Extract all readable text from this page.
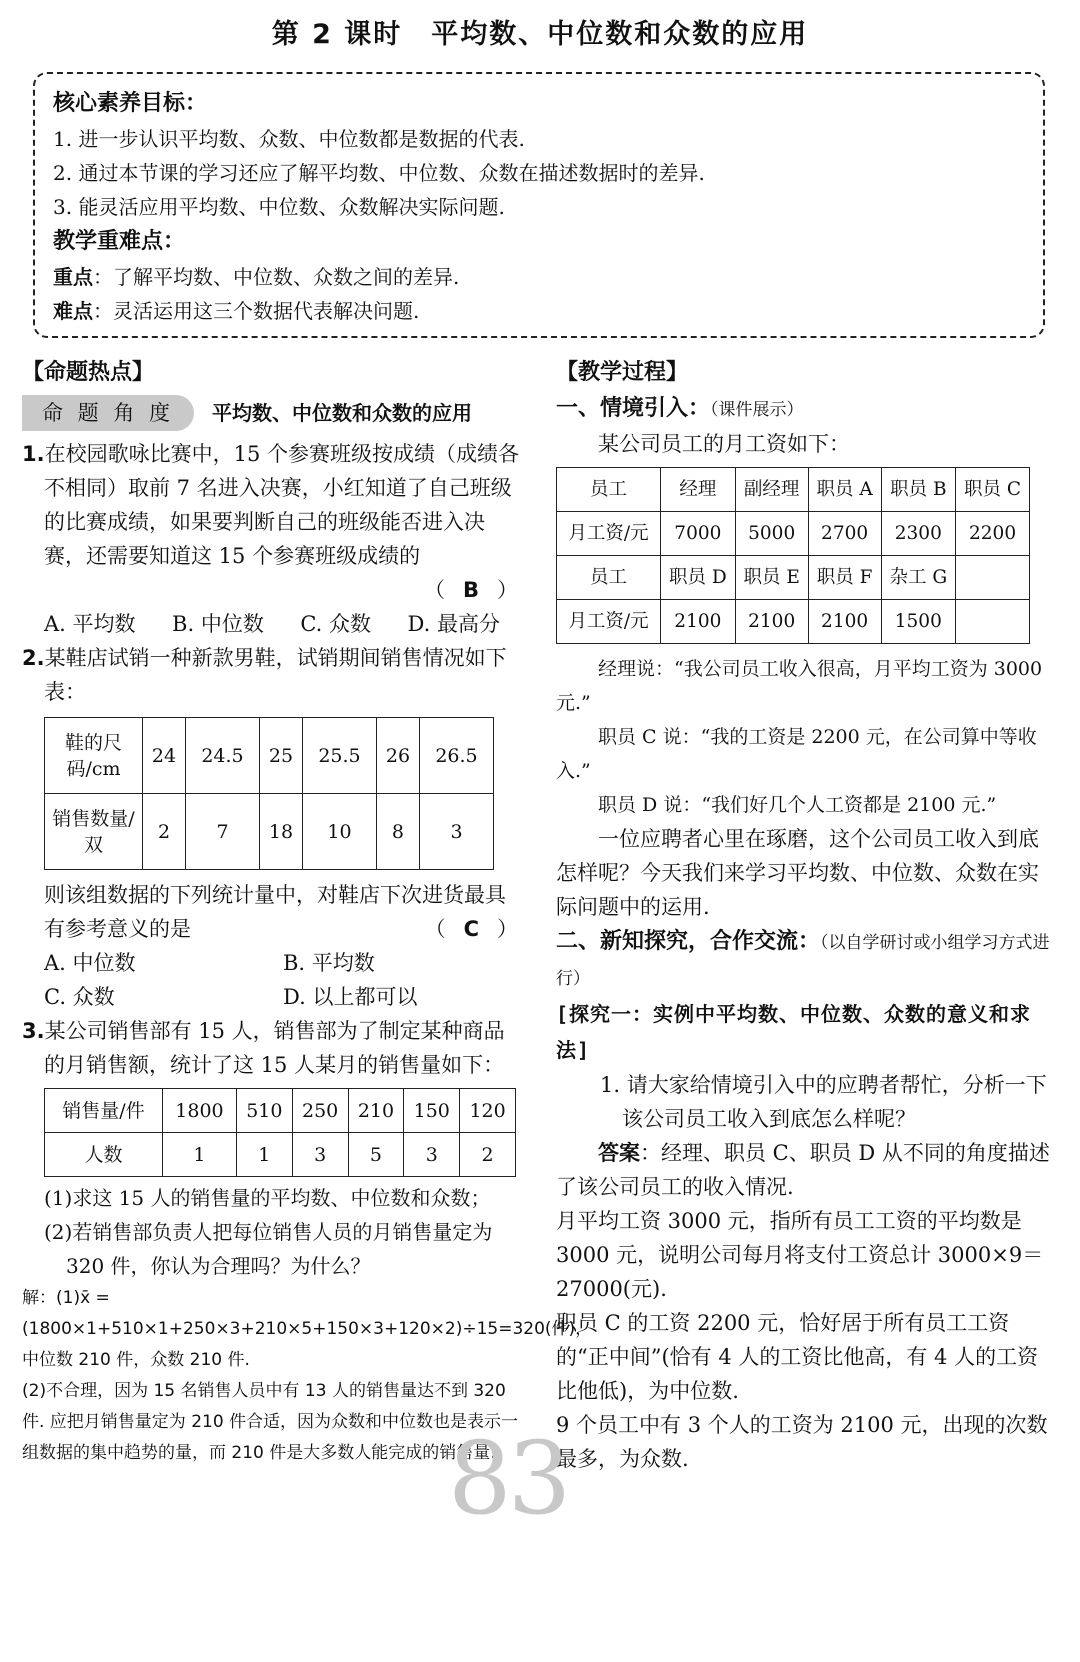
第 2 课时　平均数、中位数和众数的应用
核心素养目标：
1. 进一步认识平均数、众数、中位数都是数据的代表.
2. 通过本节课的学习还应了解平均数、中位数、众数在描述数据时的差异.
3. 能灵活应用平均数、中位数、众数解决实际问题.
教学重难点：
重点：了解平均数、中位数、众数之间的差异.
难点：灵活运用这三个数据代表解决问题.
【命题热点】
命 题 角 度	平均数、中位数和众数的应用

1.在校园歌咏比赛中，15 个参赛班级按成绩（成绩各不相同）取前 7 名进入决赛，小红知道了自己班级的比赛成绩，如果要判断自己的班级能否进入决赛，还需要知道这 15 个参赛班级成绩的

（ B ）

A. 平均数 B. 中位数 C. 众数 D. 最高分

2.某鞋店试销一种新款男鞋，试销期间销售情况如下表：

鞋的尺码/cm	24	24.5	25	25.5	26	26.5
销售数量/双	2	7	18	10	8	3

则该组数据的下列统计量中，对鞋店下次进货最具有参考意义的是	（ C ）

A. 中位数	B. 平均数
C. 众数	D. 以上都可以

3.某公司销售部有 15 人，销售部为了制定某种商品的月销售额，统计了这 15 人某月的销售量如下：

销售量/件	1800	510	250	210	150	120
人数	1	1	3	5	3	2

(1)求这 15 人的销售量的平均数、中位数和众数；

(2)若销售部负责人把每位销售人员的月销售量定为 320 件，你认为合理吗？为什么？

解：(1)x̄ = (1800×1+510×1+250×3+210×5+150×3+120×2)÷15=320(件)，

中位数 210 件，众数 210 件.

(2)不合理，因为 15 名销售人员中有 13 人的销售量达不到 320 件. 应把月销售量定为 210 件合适，因为众数和中位数也是表示一组数据的集中趋势的量，而 210 件是大多数人能完成的销售量.

【教学过程】

一、情境引入：（课件展示）

某公司员工的月工资如下：

员工	经理	副经理	职员 A	职员 B	职员 C
月工资/元	7000	5000	2700	2300	2200
员工	职员 D	职员 E	职员 F	杂工 G	
月工资/元	2100	2100	2100	1500	

经理说：“我公司员工收入很高，月平均工资为 3000 元.”

职员 C 说：“我的工资是 2200 元，在公司算中等收入.”

职员 D 说：“我们好几个人工资都是 2100 元.”

一位应聘者心里在琢磨，这个公司员工收入到底怎样呢？今天我们来学习平均数、中位数、众数在实际问题中的运用.

二、新知探究，合作交流：（以自学研讨或小组学习方式进行）

[探究一：实例中平均数、中位数、众数的意义和求法]

1. 请大家给情境引入中的应聘者帮忙，分析一下该公司员工收入到底怎么样呢？

答案：经理、职员 C、职员 D 从不同的角度描述了该公司员工的收入情况.

月平均工资 3000 元，指所有员工工资的平均数是 3000 元，说明公司每月将支付工资总计 3000×9＝27000(元).

职员 C 的工资 2200 元，恰好居于所有员工工资的“正中间”(恰有 4 人的工资比他高，有 4 人的工资比他低)，为中位数.

9 个员工中有 3 个人的工资为 2100 元，出现的次数最多，为众数.

83
